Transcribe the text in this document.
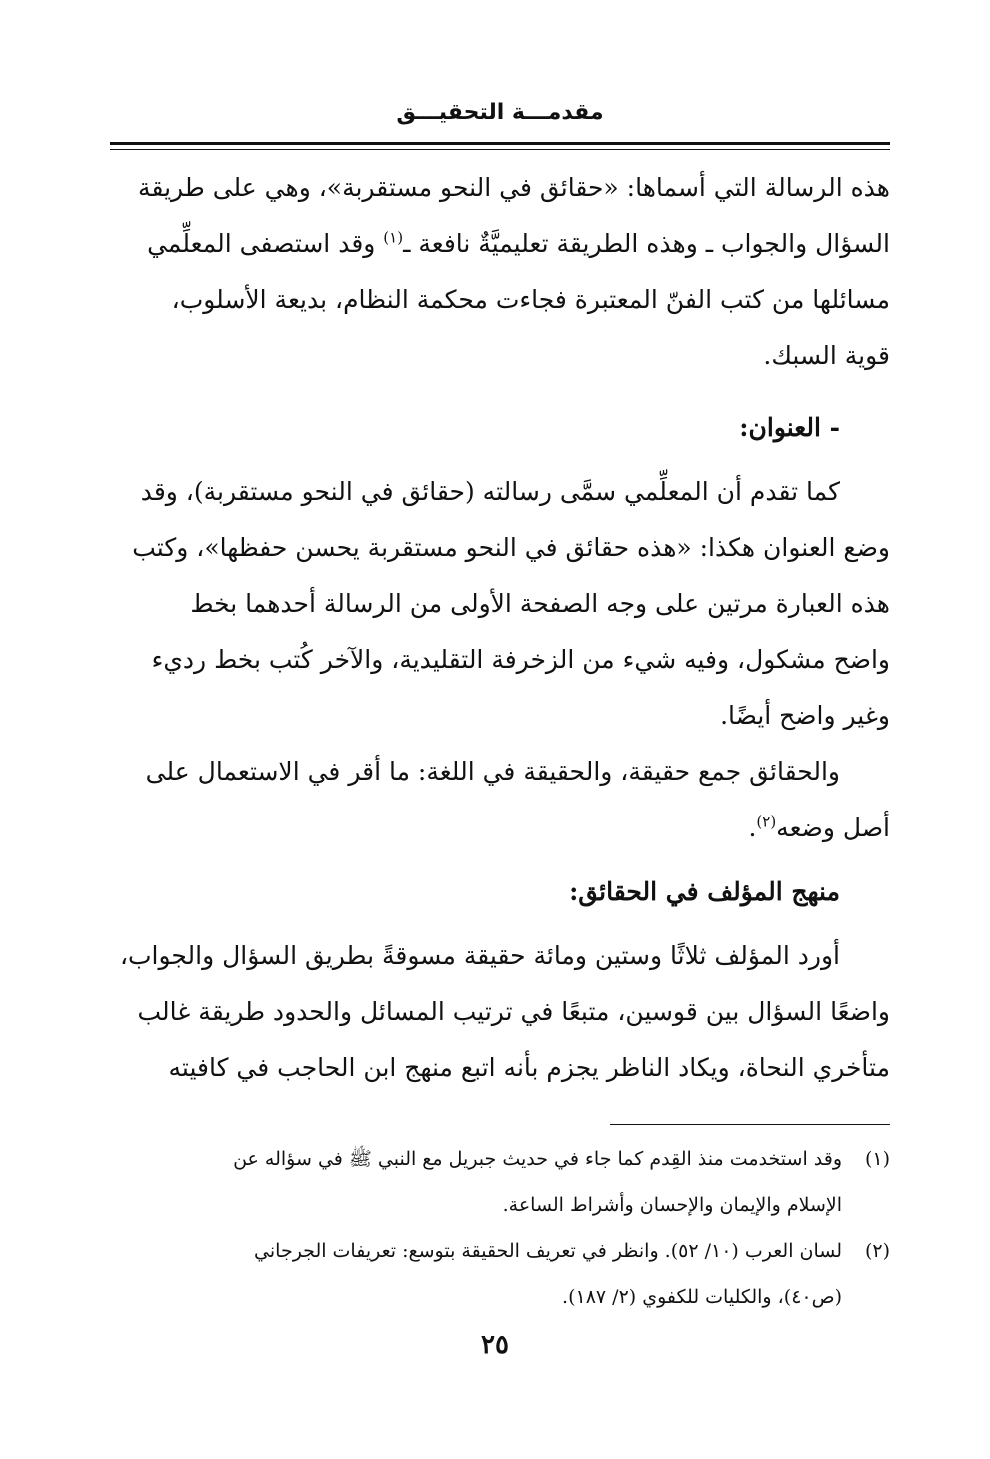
مقدمـــة التحقيـــق

هذه الرسالة التي أسماها: «حقائق في النحو مستقربة»، وهي على طريقة
السؤال والجواب ـ وهذه الطريقة تعليميَّةٌ نافعة ـ$^{(١)}$ وقد استصفى المعلِّمي
مسائلها من كتب الفنّ المعتبرة فجاءت محكمة النظام، بديعة الأسلوب،
قوية السبك.

- العنوان:

كما تقدم أن المعلِّمي سمَّى رسالته (حقائق في النحو مستقربة)، وقد
وضع العنوان هكذا: «هذه حقائق في النحو مستقربة يحسن حفظها»، وكتب
هذه العبارة مرتين على وجه الصفحة الأولى من الرسالة أحدهما بخط
واضح مشكول، وفيه شيء من الزخرفة التقليدية، والآخر كُتب بخط رديء
وغير واضح أيضًا.

والحقائق جمع حقيقة، والحقيقة في اللغة: ما أقر في الاستعمال على
أصل وضعه$^{(٢)}$.

منهج المؤلف في الحقائق:

أورد المؤلف ثلاثًا وستين ومائة حقيقة مسوقةً بطريق السؤال والجواب،
واضعًا السؤال بين قوسين، متبعًا في ترتيب المسائل والحدود طريقة غالب
متأخري النحاة، ويكاد الناظر يجزم بأنه اتبع منهج ابن الحاجب في كافيته

(١)
وقد استخدمت منذ القِدم كما جاء في حديث جبريل مع النبي ﷺ في سؤاله عن
الإسلام والإيمان والإحسان وأشراط الساعة.
(٢)
لسان العرب (١٠/ ٥٢). وانظر في تعريف الحقيقة بتوسع: تعريفات الجرجاني
(ص٤٠)، والكليات للكفوي (٢/ ١٨٧).
٢٥
